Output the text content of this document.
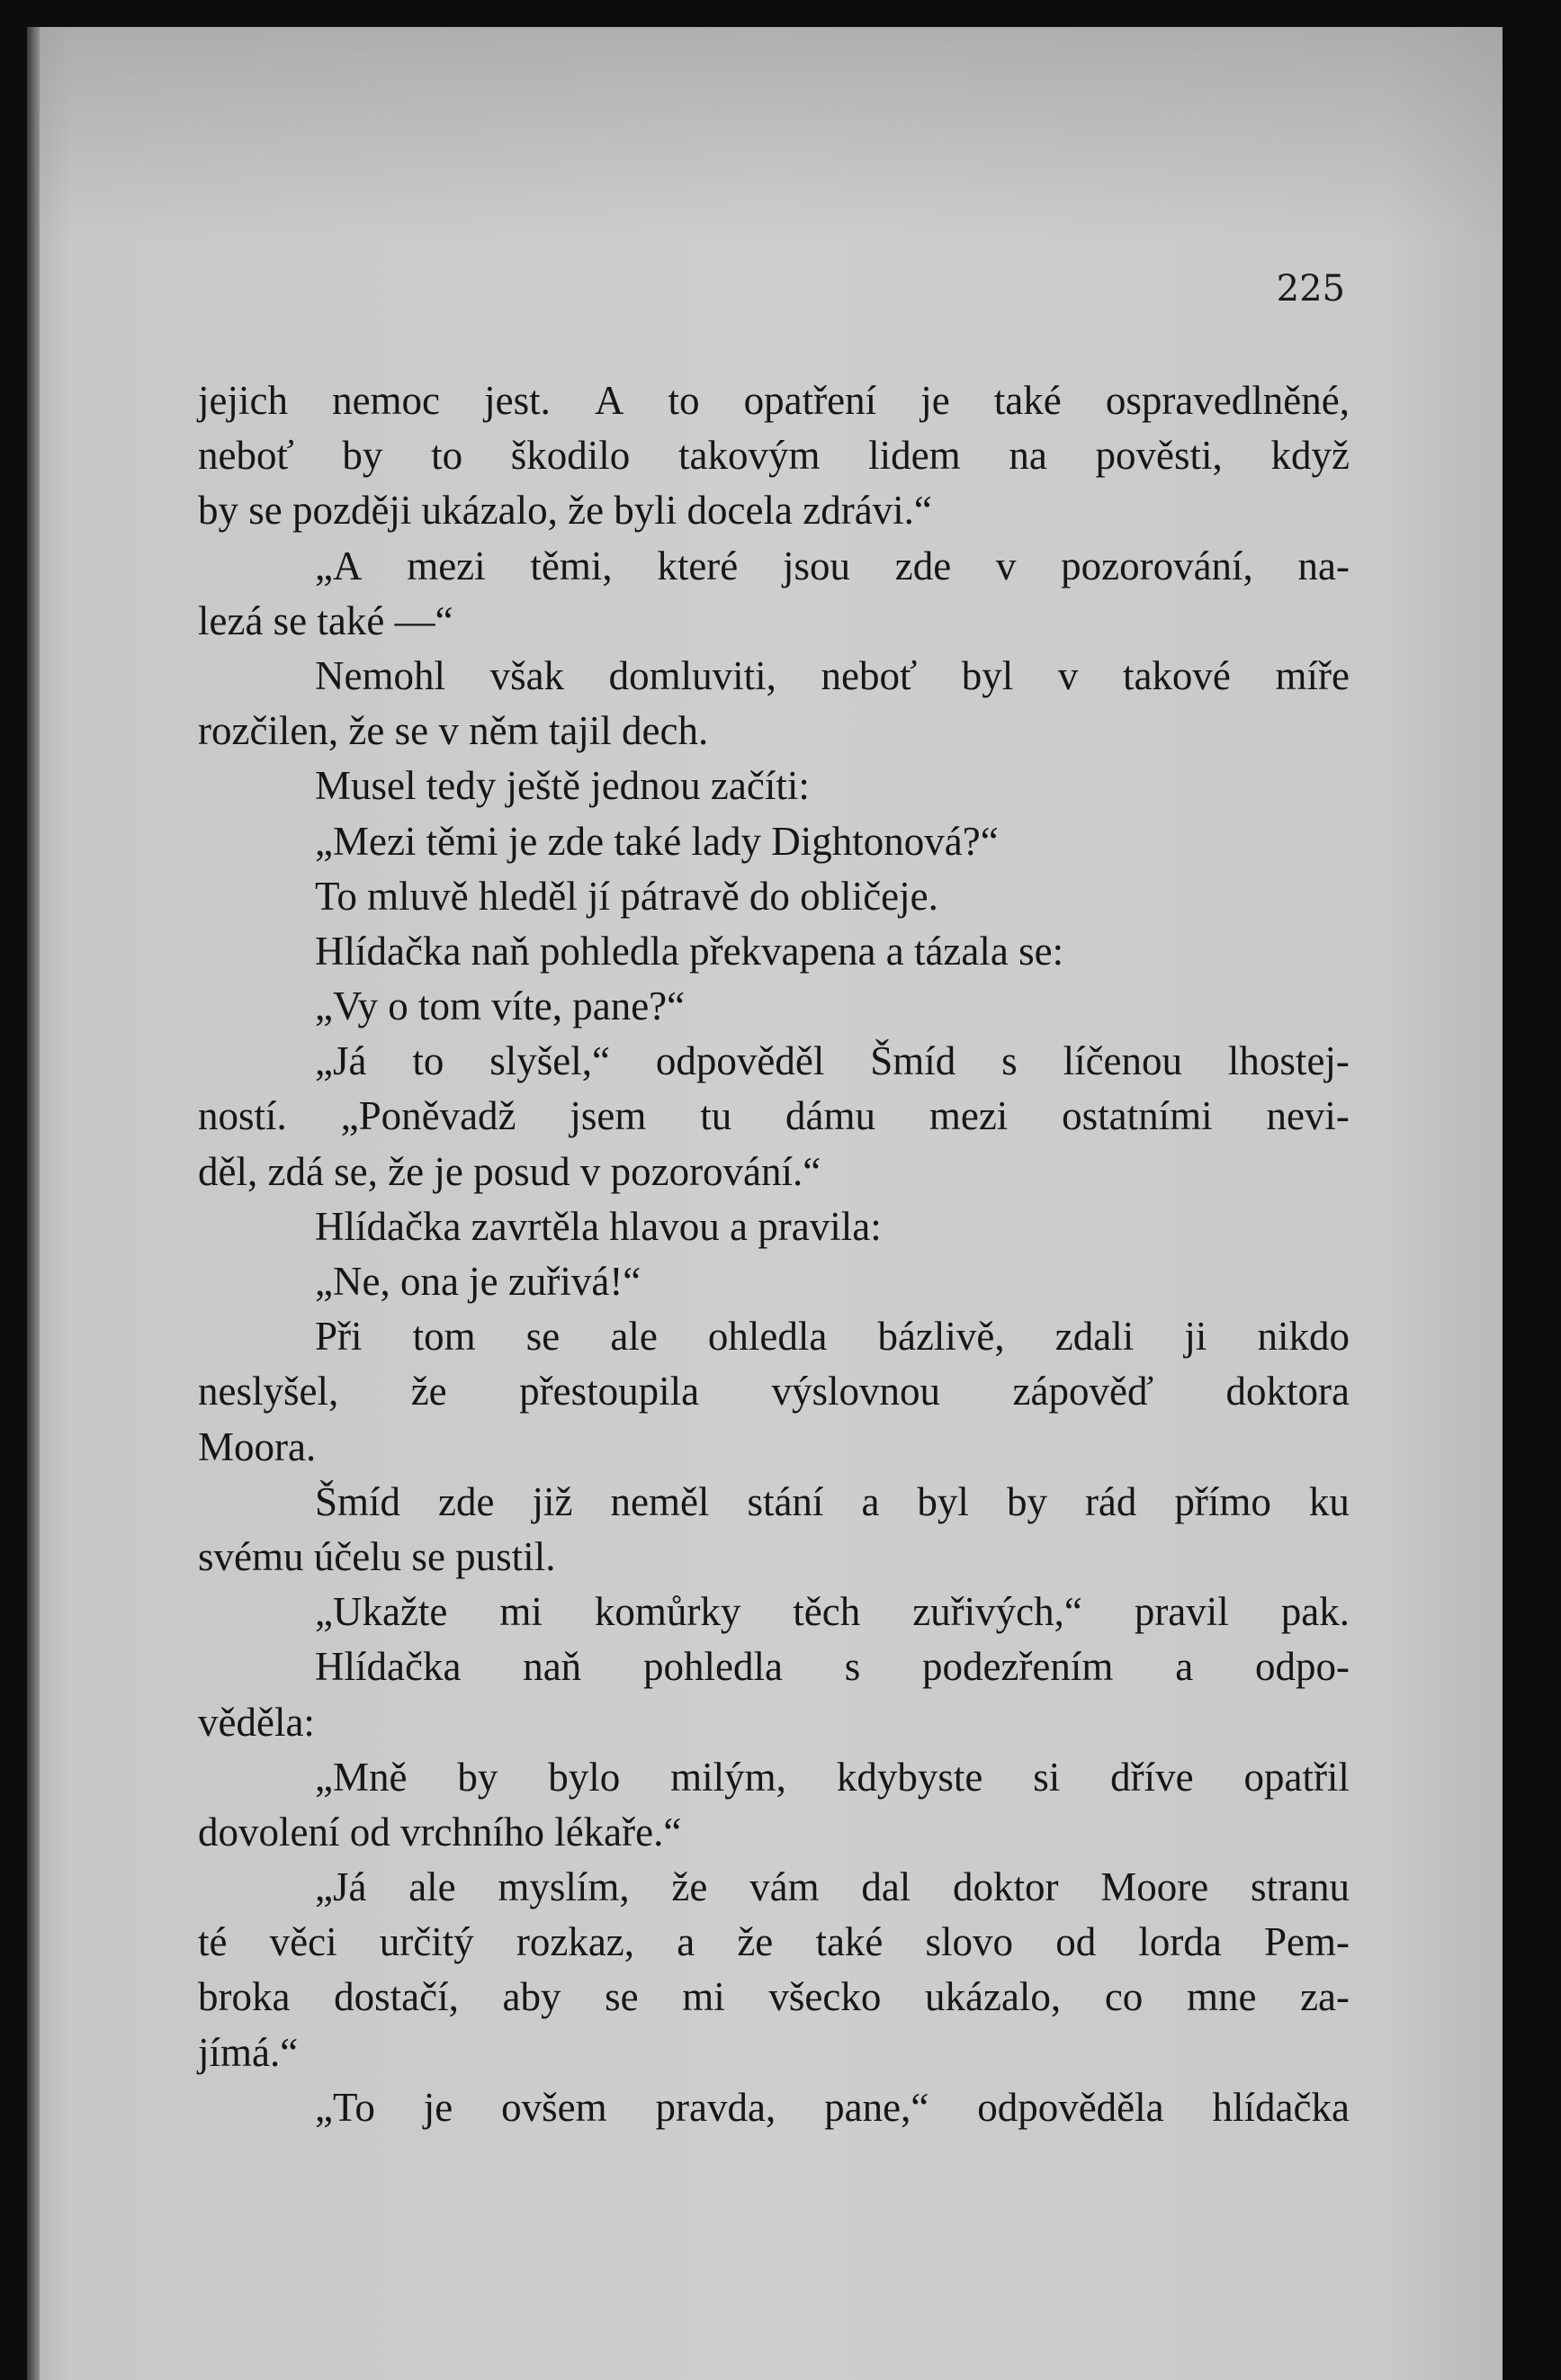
225
jejich nemoc jest. A to opatření je také ospravedlněné,
neboť by to škodilo takovým lidem na pověsti, když
by se později ukázalo, že byli docela zdrávi.“
„A mezi těmi, které jsou zde v pozorování, na-
lezá se také —“
Nemohl však domluviti, neboť byl v takové míře
rozčilen, že se v něm tajil dech.
Musel tedy ještě jednou začíti:
„Mezi těmi je zde také lady Dightonová?“
To mluvě hleděl jí pátravě do obličeje.
Hlídačka naň pohledla překvapena a tázala se:
„Vy o tom víte, pane?“
„Já to slyšel,“ odpověděl Šmíd s líčenou lhostej-
ností. „Poněvadž jsem tu dámu mezi ostatními nevi-
děl, zdá se, že je posud v pozorování.“
Hlídačka zavrtěla hlavou a pravila:
„Ne, ona je zuřivá!“
Při tom se ale ohledla bázlivě, zdali ji nikdo
neslyšel, že přestoupila výslovnou zápověď doktora
Moora.
Šmíd zde již neměl stání a byl by rád přímo ku
svému účelu se pustil.
„Ukažte mi komůrky těch zuřivých,“ pravil pak.
Hlídačka naň pohledla s podezřením a odpo-
věděla:
„Mně by bylo milým, kdybyste si dříve opatřil
dovolení od vrchního lékaře.“
„Já ale myslím, že vám dal doktor Moore stranu
té věci určitý rozkaz, a že také slovo od lorda Pem-
broka dostačí, aby se mi všecko ukázalo, co mne za-
jímá.“
„To je ovšem pravda, pane,“ odpověděla hlídačka
